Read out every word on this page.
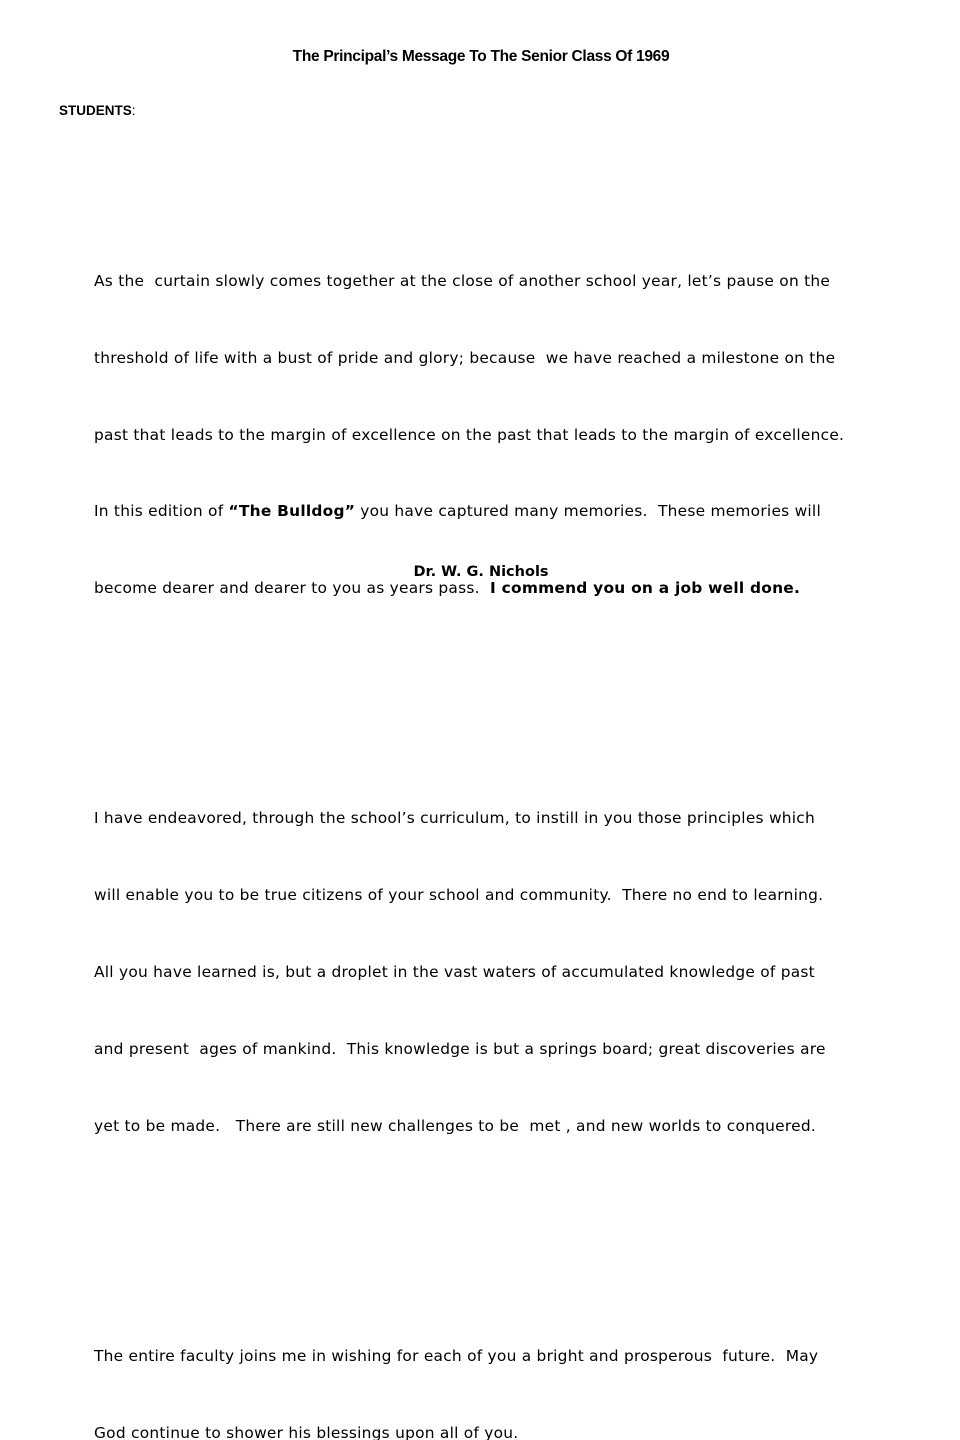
The Principal’s Message To The Senior Class Of 1969
STUDENTS:

As the  curtain slowly comes together at the close of another school year, let’s pause on the

threshold of life with a bust of pride and glory; because  we have reached a milestone on the

past that leads to the margin of excellence on the past that leads to the margin of excellence.

In this edition of “The Bulldog” you have captured many memories.  These memories will

become dearer and dearer to you as years pass.  I commend you on a job well done.

I have endeavored, through the school’s curriculum, to instill in you those principles which

will enable you to be true citizens of your school and community.  There no end to learning.

All you have learned is, but a droplet in the vast waters of accumulated knowledge of past

and present  ages of mankind.  This knowledge is but a springs board; great discoveries are

yet to be made.   There are still new challenges to be  met , and new worlds to conquered.

The entire faculty joins me in wishing for each of you a bright and prosperous  future.  May

God continue to shower his blessings upon all of you.

Dr. W. G. Nichols
